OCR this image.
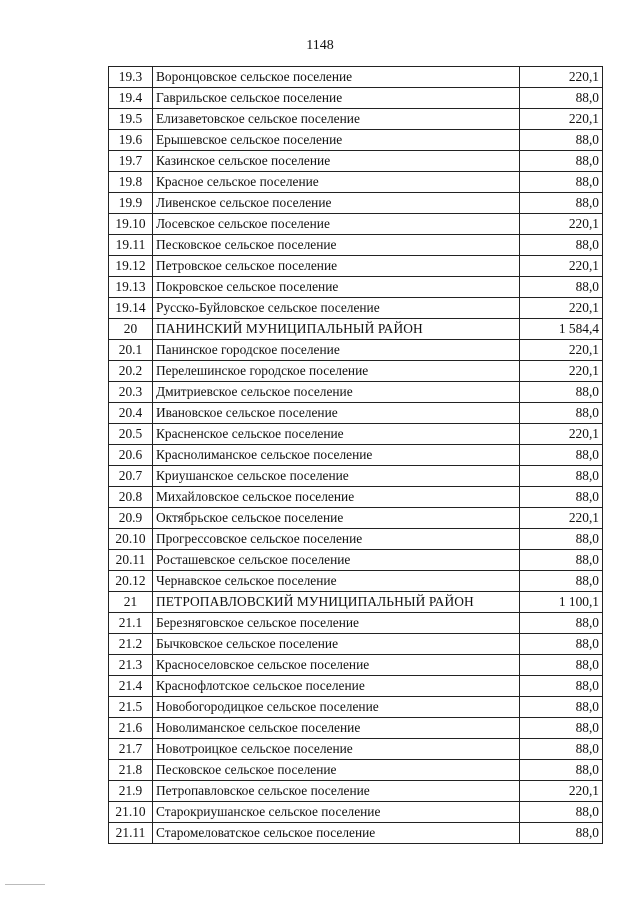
1148
19.3	Воронцовское сельское поселение	220,1
19.4	Гаврильское сельское поселение	88,0
19.5	Елизаветовское сельское поселение	220,1
19.6	Ерышевское сельское поселение	88,0
19.7	Казинское сельское поселение	88,0
19.8	Красное сельское поселение	88,0
19.9	Ливенское сельское поселение	88,0
19.10	Лосевское сельское поселение	220,1
19.11	Песковское сельское поселение	88,0
19.12	Петровское сельское поселение	220,1
19.13	Покровское сельское поселение	88,0
19.14	Русско-Буйловское сельское поселение	220,1
20	ПАНИНСКИЙ МУНИЦИПАЛЬНЫЙ РАЙОН	1 584,4
20.1	Панинское городское поселение	220,1
20.2	Перелешинское городское поселение	220,1
20.3	Дмитриевское сельское поселение	88,0
20.4	Ивановское сельское поселение	88,0
20.5	Красненское сельское поселение	220,1
20.6	Краснолиманское сельское поселение	88,0
20.7	Криушанское сельское поселение	88,0
20.8	Михайловское сельское поселение	88,0
20.9	Октябрьское сельское поселение	220,1
20.10	Прогрессовское сельское поселение	88,0
20.11	Росташевское сельское поселение	88,0
20.12	Чернавское сельское поселение	88,0
21	ПЕТРОПАВЛОВСКИЙ МУНИЦИПАЛЬНЫЙ РАЙОН	1 100,1
21.1	Березняговское сельское поселение	88,0
21.2	Бычковское сельское поселение	88,0
21.3	Красноселовское сельское поселение	88,0
21.4	Краснофлотское сельское поселение	88,0
21.5	Новобогородицкое сельское поселение	88,0
21.6	Новолиманское сельское поселение	88,0
21.7	Новотроицкое сельское поселение	88,0
21.8	Песковское сельское поселение	88,0
21.9	Петропавловское сельское поселение	220,1
21.10	Старокриушанское сельское поселение	88,0
21.11	Старомеловатское сельское поселение	88,0
